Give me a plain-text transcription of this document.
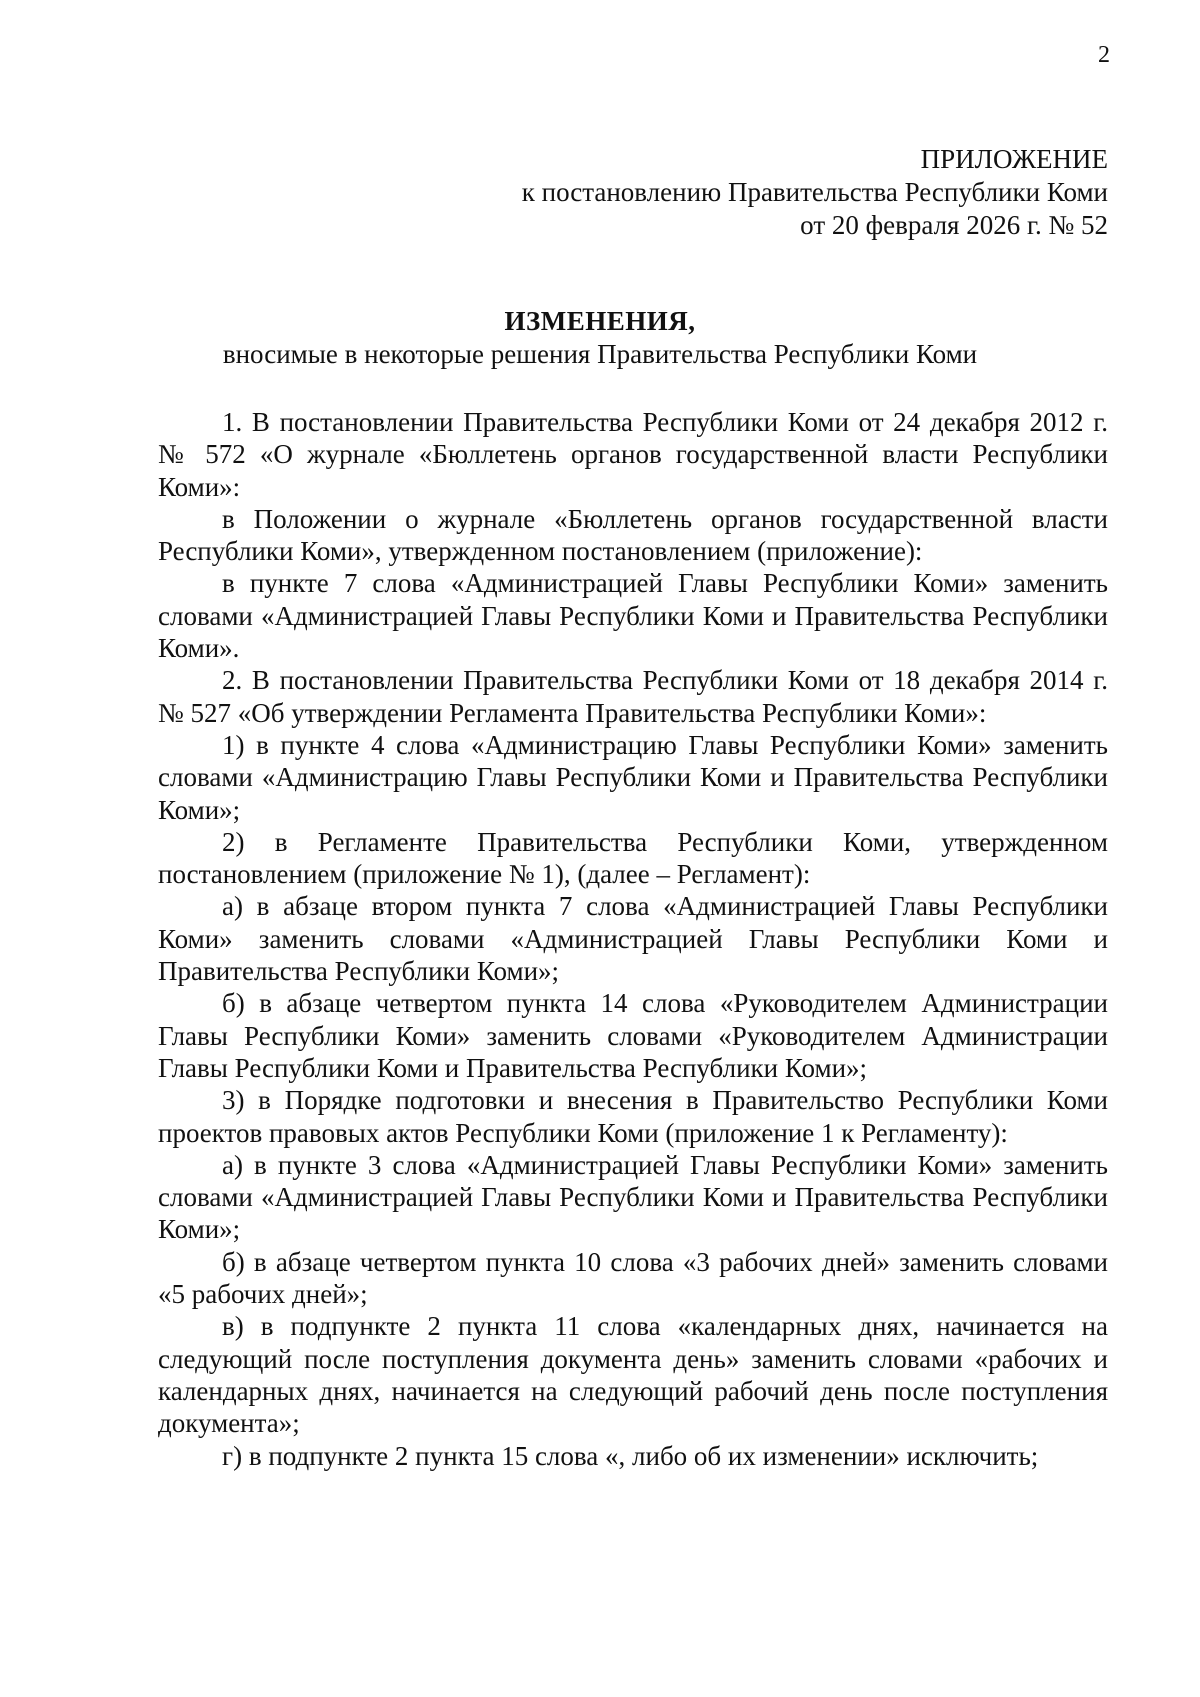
2
ПРИЛОЖЕНИЕ
к постановлению Правительства Республики Коми
от 20 февраля 2026 г. № 52
ИЗМЕНЕНИЯ,
вносимые в некоторые решения Правительства Республики Коми

1. В постановлении Правительства Республики Коми от 24 декабря 2012 г. № 572 «О журнале «Бюллетень органов государственной власти Республики Коми»:

в Положении о журнале «Бюллетень органов государственной власти Республики Коми», утвержденном постановлением (приложение):

в пункте 7 слова «Администрацией Главы Республики Коми» заменить словами «Администрацией Главы Республики Коми и Правительства Республики Коми».

2. В постановлении Правительства Республики Коми от 18 декабря 2014 г. № 527 «Об утверждении Регламента Правительства Республики Коми»:

1) в пункте 4 слова «Администрацию Главы Республики Коми» заменить словами «Администрацию Главы Республики Коми и Правительства Республики Коми»;

2) в Регламенте Правительства Республики Коми, утвержденном постановлением (приложение № 1), (далее – Регламент):

а) в абзаце втором пункта 7 слова «Администрацией Главы Республики Коми» заменить словами «Администрацией Главы Республики Коми и Правительства Республики Коми»;

б) в абзаце четвертом пункта 14 слова «Руководителем Администрации Главы Республики Коми» заменить словами «Руководителем Администрации Главы Республики Коми и Правительства Республики Коми»;

3) в Порядке подготовки и внесения в Правительство Республики Коми проектов правовых актов Республики Коми (приложение 1 к Регламенту):

а) в пункте 3 слова «Администрацией Главы Республики Коми» заменить словами «Администрацией Главы Республики Коми и Правительства Республики Коми»;

б) в абзаце четвертом пункта 10 слова «3 рабочих дней» заменить словами «5 рабочих дней»;

в) в подпункте 2 пункта 11 слова «календарных днях, начинается на следующий после поступления документа день» заменить словами «рабочих и календарных днях, начинается на следующий рабочий день после поступления документа»;

г) в подпункте 2 пункта 15 слова «, либо об их изменении» исключить;
